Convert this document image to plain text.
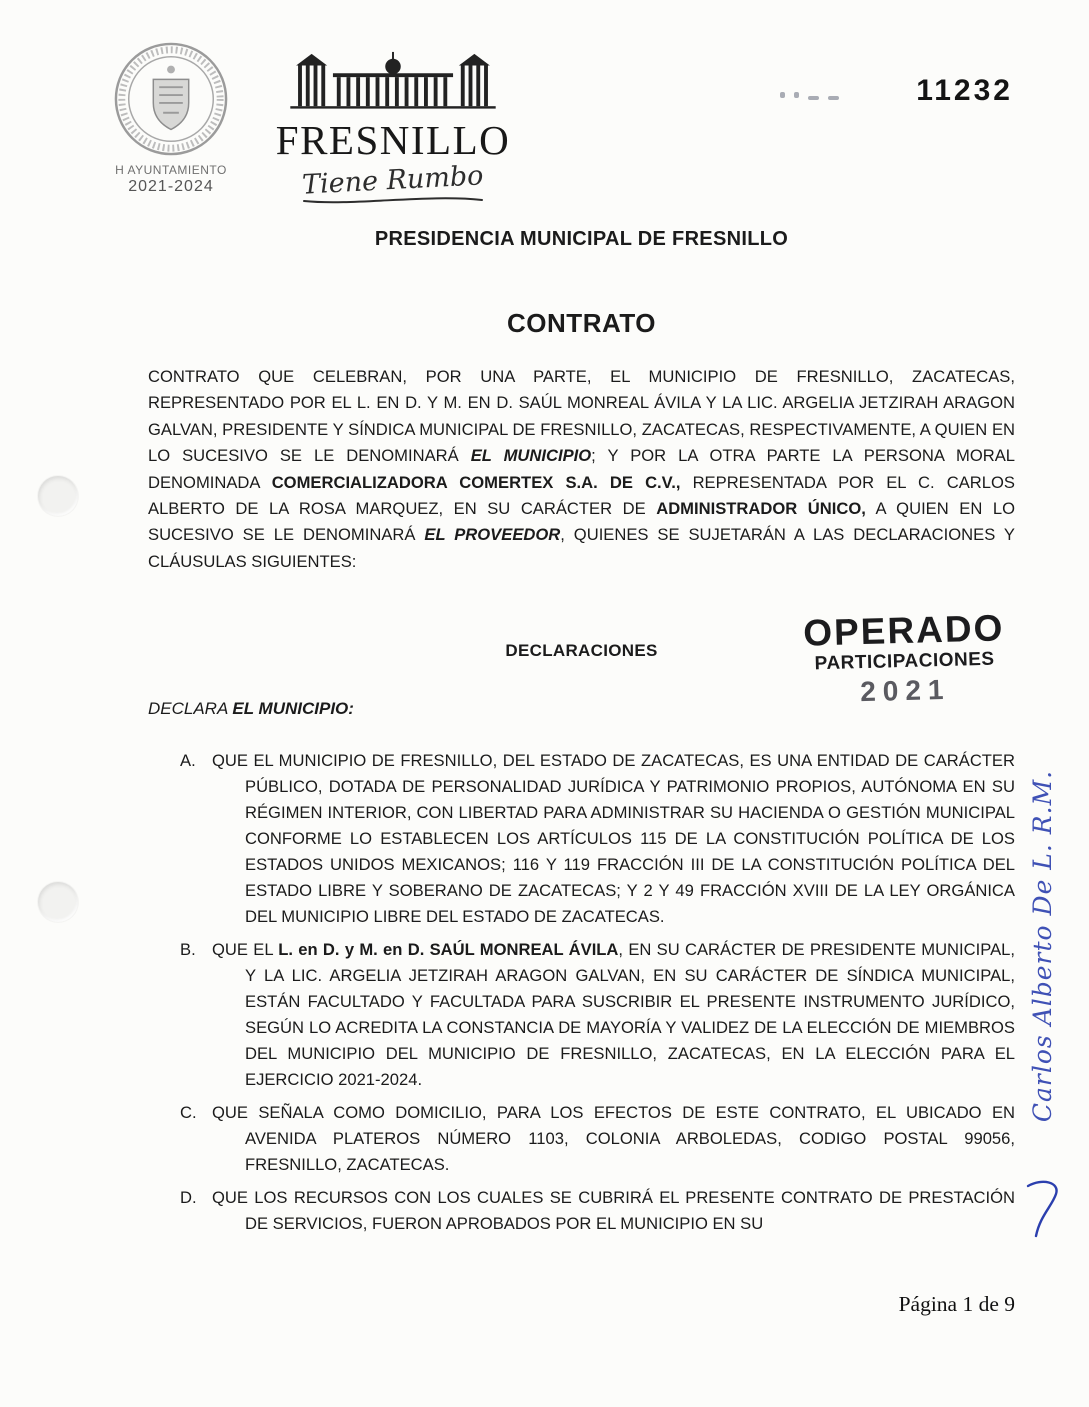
H AYUNTAMIENTO
2021-2024
FRESNILLO
Tiene Rumbo
11232
PRESIDENCIA MUNICIPAL DE FRESNILLO
CONTRATO

CONTRATO QUE CELEBRAN, POR UNA PARTE, EL MUNICIPIO DE FRESNILLO, ZACATECAS, REPRESENTADO POR EL L. EN D. Y M. EN D. SAÚL MONREAL ÁVILA Y LA LIC. ARGELIA JETZIRAH ARAGON GALVAN, PRESIDENTE Y SÍNDICA MUNICIPAL DE FRESNILLO, ZACATECAS, RESPECTIVAMENTE, A QUIEN EN LO SUCESIVO SE LE DENOMINARÁ EL MUNICIPIO; Y POR LA OTRA PARTE LA PERSONA MORAL DENOMINADA COMERCIALIZADORA COMERTEX S.A. DE C.V., REPRESENTADA POR EL C. CARLOS ALBERTO DE LA ROSA MARQUEZ, EN SU CARÁCTER DE ADMINISTRADOR ÚNICO, A QUIEN EN LO SUCESIVO SE LE DENOMINARÁ EL PROVEEDOR, QUIENES SE SUJETARÁN A LAS DECLARACIONES Y CLÁUSULAS SIGUIENTES:

DECLARACIONES	OPERADO
PARTICIPACIONES
2021
DECLARA EL MUNICIPIO:
A. QUE EL MUNICIPIO DE FRESNILLO, DEL ESTADO DE ZACATECAS, ES UNA ENTIDAD DE CARÁCTER PÚBLICO, DOTADA DE PERSONALIDAD JURÍDICA Y PATRIMONIO PROPIOS, AUTÓNOMA EN SU RÉGIMEN INTERIOR, CON LIBERTAD PARA ADMINISTRAR SU HACIENDA O GESTIÓN MUNICIPAL CONFORME LO ESTABLECEN LOS ARTÍCULOS 115 DE LA CONSTITUCIÓN POLÍTICA DE LOS ESTADOS UNIDOS MEXICANOS; 116 Y 119 FRACCIÓN III DE LA CONSTITUCIÓN POLÍTICA DEL ESTADO LIBRE Y SOBERANO DE ZACATECAS; Y 2 Y 49 FRACCIÓN XVIII DE LA LEY ORGÁNICA DEL MUNICIPIO LIBRE DEL ESTADO DE ZACATECAS.
B. QUE EL L. en D. y M. en D. SAÚL MONREAL ÁVILA, EN SU CARÁCTER DE PRESIDENTE MUNICIPAL, Y LA LIC. ARGELIA JETZIRAH ARAGON GALVAN, EN SU CARÁCTER DE SÍNDICA MUNICIPAL, ESTÁN FACULTADO Y FACULTADA PARA SUSCRIBIR EL PRESENTE INSTRUMENTO JURÍDICO, SEGÚN LO ACREDITA LA CONSTANCIA DE MAYORÍA Y VALIDEZ DE LA ELECCIÓN DE MIEMBROS DEL MUNICIPIO DEL MUNICIPIO DE FRESNILLO, ZACATECAS, EN LA ELECCIÓN PARA EL EJERCICIO 2021-2024.
C. QUE SEÑALA COMO DOMICILIO, PARA LOS EFECTOS DE ESTE CONTRATO, EL UBICADO EN AVENIDA PLATEROS NÚMERO 1103, COLONIA ARBOLEDAS, CODIGO POSTAL 99056, FRESNILLO, ZACATECAS.
D. QUE LOS RECURSOS CON LOS CUALES SE CUBRIRÁ EL PRESENTE CONTRATO DE PRESTACIÓN DE SERVICIOS, FUERON APROBADOS POR EL MUNICIPIO EN SU
Carlos Alberto De L. R.M.
Página 1 de 9
